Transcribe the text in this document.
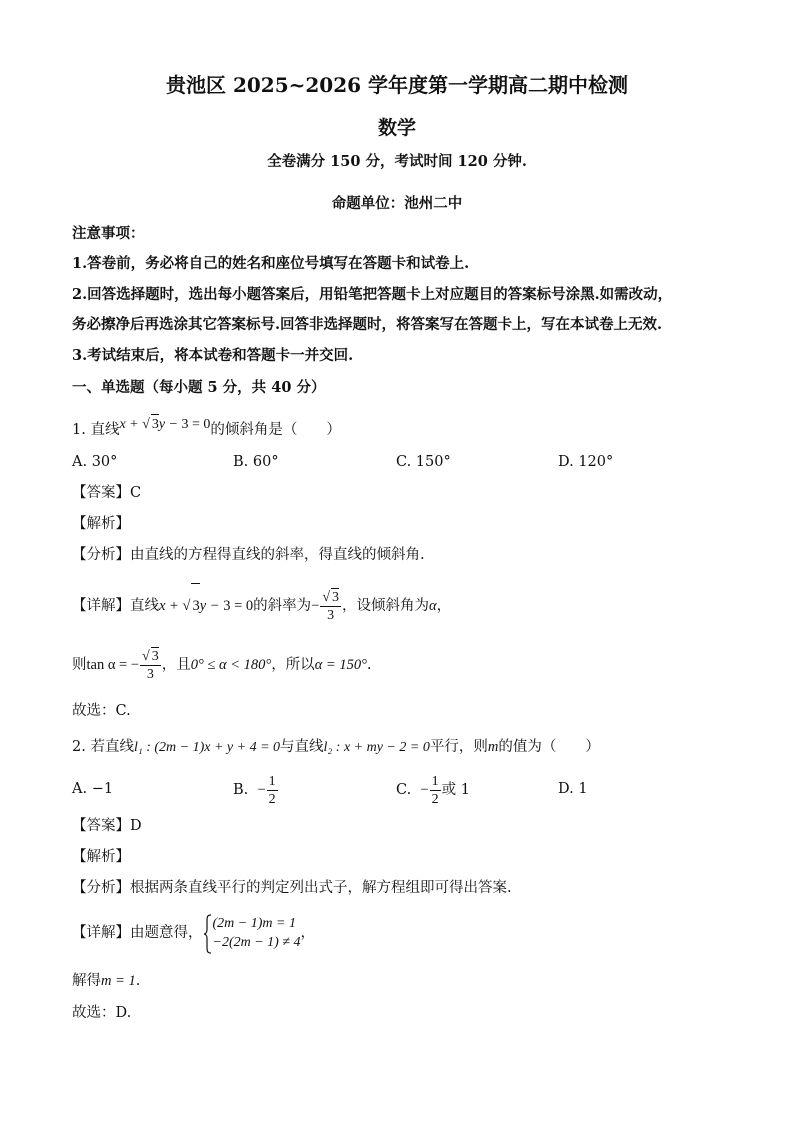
贵池区 2025~2026 学年度第一学期高二期中检测
数学
全卷满分 150 分，考试时间 120 分钟.
命题单位：池州二中
注意事项：
1.答卷前，务必将自己的姓名和座位号填写在答题卡和试卷上.
2.回答选择题时，选出每小题答案后，用铅笔把答题卡上对应题目的答案标号涂黑.如需改动，
务必擦净后再选涂其它答案标号.回答非选择题时，将答案写在答题卡上，写在本试卷上无效.
3.考试结束后，将本试卷和答题卡一并交回.
一、单选题（每小题 5 分，共 40 分）
1. 直线x + √ 3y − 3 = 0的倾斜角是（　　）
A. 30°	B. 60°	C. 150°	D. 120°
【答案】C
【解析】
【分析】由直线的方程得直线的斜率，得直线的倾斜角.
【详解】直线x + √ 3y − 3 = 0的斜率为− $\frac{√ 3}{3}$ ，设倾斜角为α，
则tan α = − $\frac{√ 3}{3}$ ，且0° ≤ α < 180°，所以α = 150°.
故选：C.
2. 若直线l₁ : (2m − 1)x + y + 4 = 0与直线l₂ : x + my − 2 = 0平行，则m的值为（　　）
A. −1	B. − $\frac{1}{2}$	C. − $\frac{1}{2}$ 或 1	D. 1
【答案】D
【解析】
【分析】根据两条直线平行的判定列出式子，解方程组即可得出答案.
【详解】由题意得，
(2m − 1)m = 1
−2(2m − 1) ≠ 4
，
解得m = 1.
故选：D.
